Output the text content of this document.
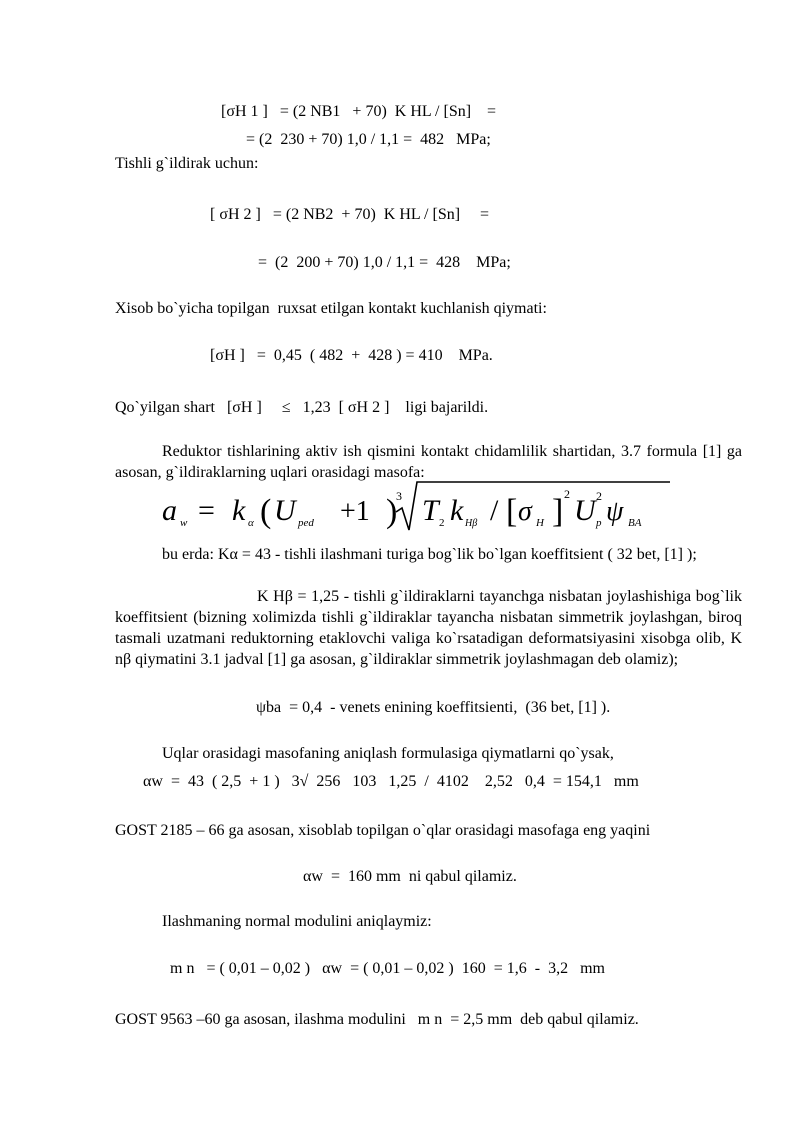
[σH 1 ]   = (2 NB1   + 70)  K HL / [Sn]    =

= (2  230 + 70) 1,0 / 1,1 =  482   MPa;

Tishli g`ildirak uchun:
[ σH 2 ]   = (2 NB2  + 70)  K HL / [Sn]     =
=  (2  200 + 70) 1,0 / 1,1 =  428    MPa;
Xisob bo`yicha topilgan  ruxsat etilgan kontakt kuchlanish qiymati:
[σH ]   =  0,45  ( 482  +  428 ) = 410    MPa.
Qo`yilgan shart   [σH ]     ≤   1,23  [ σH 2 ]    ligi bajarildi.
Reduktor tishlarining aktiv ish qismini kontakt chidamlilik shartidan, 3.7 formula [1] ga asosan, g`ildiraklarning uqlari orasidagi masofa:
a w = k α ( U ped +1 )
3 T 2 k Hβ / [ σ H ] 2 U p
2 ψ BA
bu erda: Kα = 43 - tishli ilashmani turiga bog`lik bo`lgan koeffitsient ( 32 bet, [1] );
K Hβ = 1,25 - tishli g`ildiraklarni tayanchga nisbatan joylashishiga bog`lik koeffitsient (bizning xolimizda tishli g`ildiraklar tayancha nisbatan simmetrik joylashgan, biroq tasmali uzatmani reduktorning etaklovchi valiga ko`rsatadigan deformatsiyasini xisobga olib, K nβ qiymatini 3.1 jadval [1] ga asosan, g`ildiraklar simmetrik joylashmagan deb olamiz);
ψba  = 0,4  - venets enining koeffitsienti,  (36 bet, [1] ).
Uqlar orasidagi masofaning aniqlash formulasiga qiymatlarni qo`ysak,
αw  =  43  ( 2,5  + 1 )   3√  256   103   1,25  /  4102    2,52   0,4  = 154,1   mm
GOST 2185 – 66 ga asosan, xisoblab topilgan o`qlar orasidagi masofaga eng yaqini
αw  =  160 mm  ni qabul qilamiz.
Ilashmaning normal modulini aniqlaymiz:
m n   = ( 0,01 – 0,02 )   αw  = ( 0,01 – 0,02 )  160  = 1,6  -  3,2   mm
GOST 9563 –60 ga asosan, ilashma modulini   m n  = 2,5 mm  deb qabul qilamiz.
